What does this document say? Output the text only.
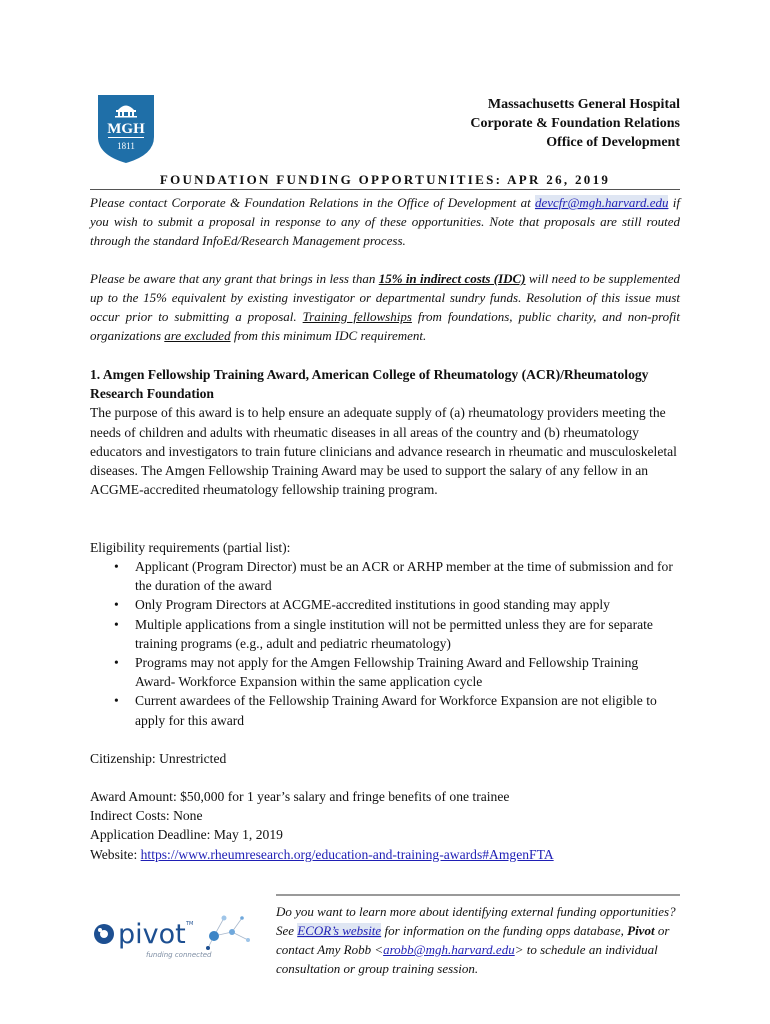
MGH
1811
Massachusetts General Hospital
Corporate & Foundation Relations
Office of Development
FOUNDATION FUNDING OPPORTUNITIES: APR 26, 2019
Please contact Corporate & Foundation Relations in the Office of Development at devcfr@mgh.harvard.edu if you wish to submit a proposal in response to any of these opportunities. Note that proposals are still routed through the standard InfoEd/Research Management process.
Please be aware that any grant that brings in less than 15% in indirect costs (IDC) will need to be supplemented up to the 15% equivalent by existing investigator or departmental sundry funds. Resolution of this issue must occur prior to submitting a proposal. Training fellowships from foundations, public charity, and non-profit organizations are excluded from this minimum IDC requirement.
1. Amgen Fellowship Training Award, American College of Rheumatology (ACR)/Rheumatology Research Foundation
The purpose of this award is to help ensure an adequate supply of (a) rheumatology providers meeting the needs of children and adults with rheumatic diseases in all areas of the country and (b) rheumatology educators and investigators to train future clinicians and advance research in rheumatic and musculoskeletal diseases. The Amgen Fellowship Training Award may be used to support the salary of any fellow in an ACGME-accredited rheumatology fellowship training program.
Eligibility requirements (partial list):
• Applicant (Program Director) must be an ACR or ARHP member at the time of submission and for the duration of the award
• Only Program Directors at ACGME-accredited institutions in good standing may apply
• Multiple applications from a single institution will not be permitted unless they are for separate training programs (e.g., adult and pediatric rheumatology)
• Programs may not apply for the Amgen Fellowship Training Award and Fellowship Training Award- Workforce Expansion within the same application cycle
• Current awardees of the Fellowship Training Award for Workforce Expansion are not eligible to apply for this award
Citizenship: Unrestricted
Award Amount: $50,000 for 1 year’s salary and fringe benefits of one trainee
Indirect Costs: None
Application Deadline: May 1, 2019
Website: https://www.rheumresearch.org/education-and-training-awards#AmgenFTA
pivot TM
funding connected
Do you want to learn more about identifying external funding opportunities? See ECOR’s website for information on the funding opps database, Pivot or contact Amy Robb <arobb@mgh.harvard.edu> to schedule an individual consultation or group training session.
